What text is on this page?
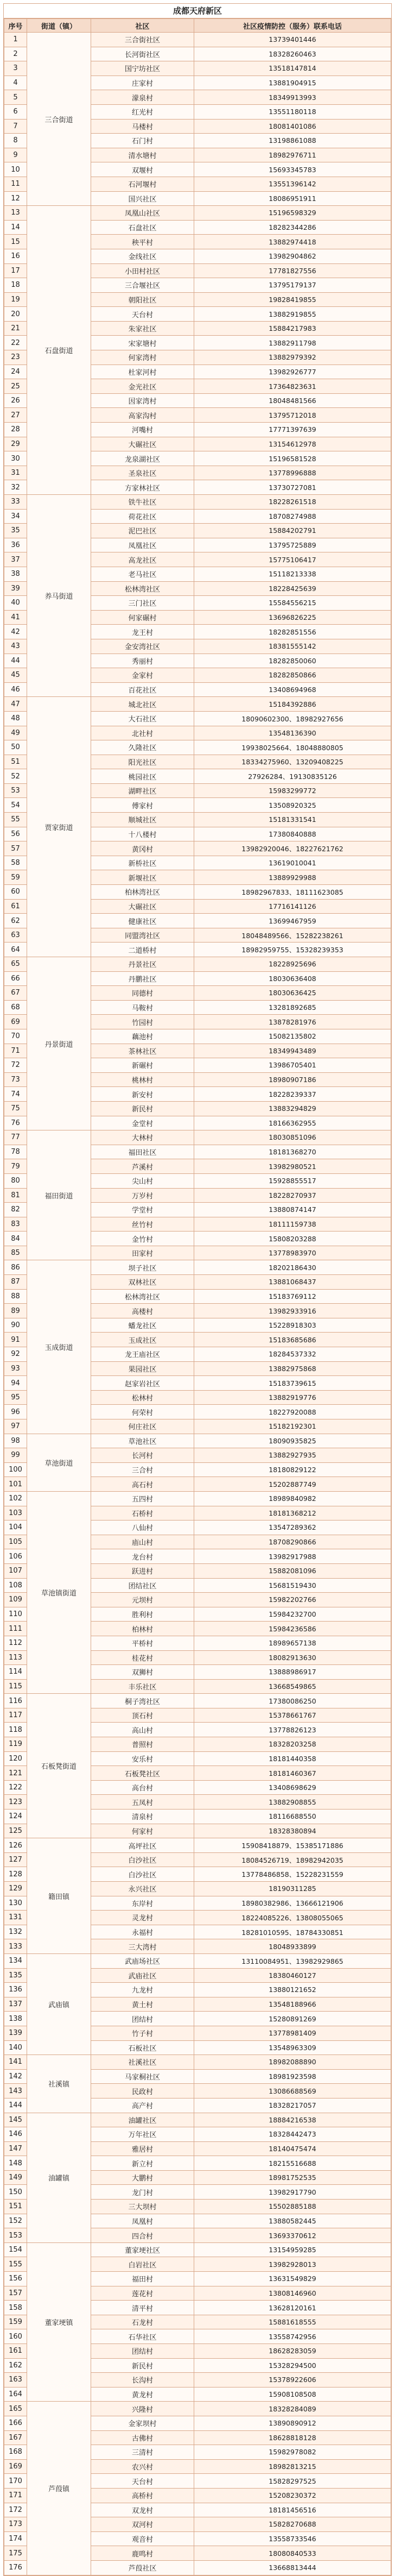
成都天府新区
序号	街道（镇）	社区	社区疫情防控（服务）联系电话
1	三合街道	三合街社区	13739401446
2		长河街社区	18328260463
3		国宁坊社区	13518147814
4		庄家村	13881904915
5		濛泉村	18349913993
6		红光村	13551180118
7		马楼村	18081401086
8		石门村	13198861088
9		清水塘村	18982976711
10		双堰村	15693345783
11		石河堰村	13551396142
12		国兴社区	18086951911
13	石盘街道	凤凰山社区	15196598329
14		石盘社区	18282344286
15		秧平村	13882974418
16		金线社区	13982904862
17		小田村社区	17781827556
18		三合堰社区	13795179137
19		朝阳社区	19828419855
20		天台村	13882919855
21		朱家社区	15884217983
22		宋家塘村	13882911798
23		何家湾村	13882979392
24		杜家河村	13982926777
25		金光社区	17364823631
26		因家湾村	18048481566
27		高家沟村	13795712018
28		河嘴村	17771397639
29		大碾社区	13154612978
30		龙泉湖社区	15196581528
31		圣泉社区	13778996888
32		方家林社区	13730727081
33	养马街道	铁牛社区	18228261518
34		荷花社区	18708274988
35		泥巴社区	15884202791
36		凤凰社区	13795725889
37		高龙社区	15775106417
38		老马社区	15118213338
39		松林湾社区	18228425639
40		三门社区	15584556215
41		何家碾村	13696826225
42		龙王村	18282851556
43		金安湾社区	18381555142
44		秀丽村	18282850060
45		金家村	18282850866
46		百花社区	13408694968
47	贾家街道	城北社区	15184392886
48		大石社区	18090602300、18982927656
49		北社村	13548136390
50		久隆社区	19938025664、18048880805
51		阳光社区	18334275960、13209408225
52		桃园社区	27926284、19130835126
53		湖畔社区	15983299772
54		傅家村	13508920325
55		顺城社区	15181331541
56		十八楼村	17380840888
57		黄冈村	13982920046、18227621762
58		新桥社区	13619010041
59		新堰社区	13889929988
60		柏林湾社区	18982967833、18111623085
61		大碾社区	17716141126
62		健康社区	13699467959
63		同盟湾社区	18048489566、15282238261
64		二道桥村	18982959755、15328239353
65	丹景街道	丹景社区	18228925696
66		丹鹏社区	18030636408
67		同德村	18030636425
68		马鞍村	13281892685
69		竹园村	13878281976
70		藕池村	15082135802
71		茶林社区	18349943489
72		新碾村	13986705401
73		桃林村	18980907186
74		新安村	18228239337
75		新民村	13883294829
76		金堂村	18166362955
77	福田街道	大林村	18030851096
78		福田社区	18181368270
79		芦溪村	13982980521
80		尖山村	15928855517
81		万岁村	18228270937
82		学堂村	13880874147
83		丝竹村	18111159738
84		金竹村	15808203288
85		田家村	13778983970
86	玉成街道	坝子社区	18202186430
87		双林社区	13881068437
88		松林湾社区	15183769112
89		高楼村	13982933916
90		蟠龙社区	15228918303
91		玉成社区	15183685686
92		龙王庙社区	18284537332
93		果园社区	13882975868
94		赵家岩社区	15183739615
95		松林村	13882919776
96		何荣村	18227920088
97		何庄社区	15182192301
98	草池街道	草池社区	18090935825
99		长河村	13882927935
100		三合村	18180829122
101		高石村	15202887749
102	草池镇街道	五四村	18989840982
103		石桥村	18181368212
104		八仙村	13547289362
105		庙山村	18708290866
106		龙台村	13982917988
107		跃进村	15882081096
108		团结社区	15681519430
109		元坝村	15982202766
110		胜利村	15984232700
111		柏林村	15984236586
112		平桥村	18989657138
113		桂花村	18082913630
114		双狮村	13888986917
115		丰乐社区	13668549865
116	石板凳街道	桐子湾社区	17380086250
117		顶石村	15378661767
118		高山村	13778826123
119		普照村	18328203258
120		安乐村	18181440358
121		石板凳社区	18181460367
122		高台村	13408698629
123		五凤村	13882908855
124		清泉村	18116688550
125		何家村	18328380894
126	籍田镇	高坪社区	15908418879、15385171886
127		白沙社区	18084526719、18982942035
128		白沙社区	13778486858、15228231559
129		永兴社区	18190311285
130		东岸村	18980382986、13666121906
131		灵龙村	18224085226、13808055065
132		永福村	18281010595、18784330851
133		三大湾村	18048933899
134	武庙镇	武庙场社区	13110084951、13982929865
135		武庙社区	18380460127
136		九龙村	13880121652
137		黄土村	13548188966
138		团结村	15280891269
139		竹子村	13778981409
140		石板社区	13548963309
141	社溪镇	社溪社区	18982088890
142		马家桐社区	18981923598
143		民政村	13086688569
144		高产村	18328217057
145	油罐镇	油罐社区	18884216538
146		万年社区	18328442473
147		雅居村	18140475474
148		新立村	18215516688
149		大鹏村	18981752535
150		龙门村	13982917790
151		三大坝村	15502885188
152		凤凰村	13880582445
153		四合村	13693370612
154	董家埂镇	董家埂社区	13154959285
155		白岩社区	13982928013
156		福田村	13631549829
157		莲花村	13808146960
158		清平村	13628120161
159		石龙村	15881618555
160		石华社区	13558742956
161		团结村	18628283059
162		新民村	15328294500
163		长沟村	15378922606
164		黄龙村	15908108508
165	芦葭镇	兴隆村	18328284089
166		金家坝村	13890890912
167		古佛村	18628818128
168		三清村	15982978082
169		农兴村	18982813215
170		天台村	15828297525
171		高桥村	15208230372
172		双龙村	18181456516
173		双河村	15828270688
174		观音村	13558733546
175		鹿鸣村	18080840533
176		芦葭社区	13668813444
